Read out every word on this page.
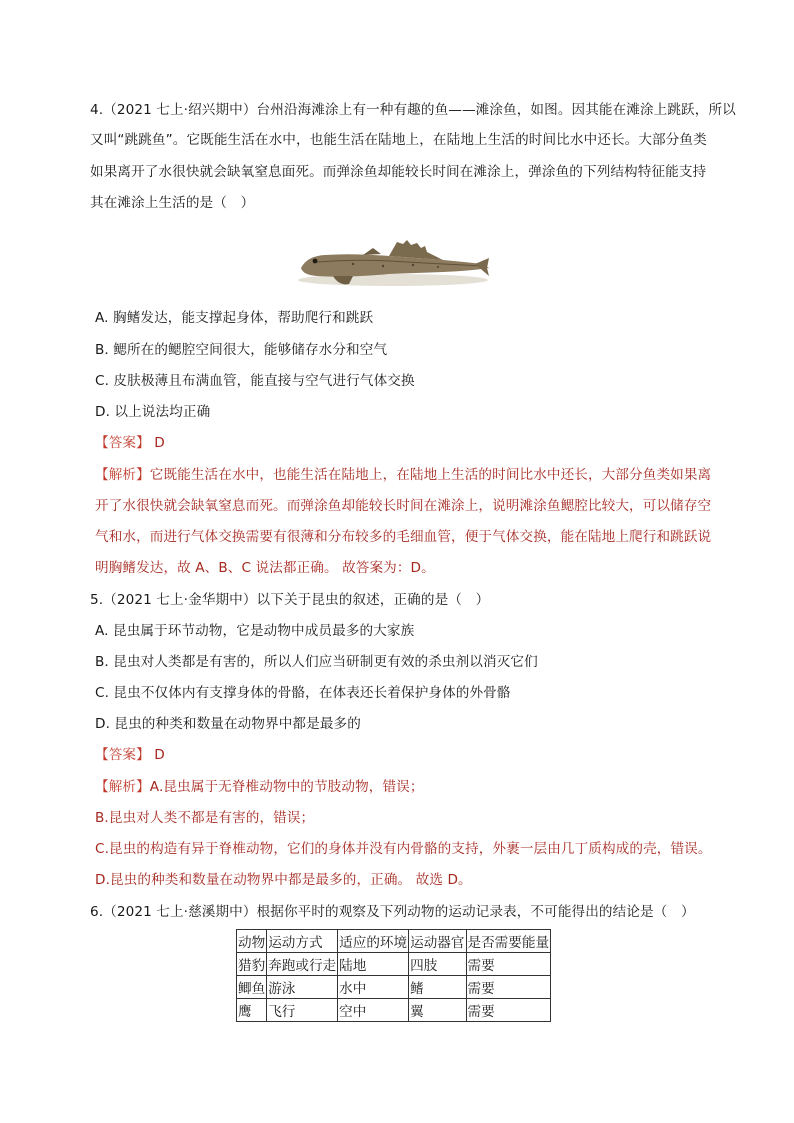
4.（2021 七上·绍兴期中）台州沿海滩涂上有一种有趣的鱼——滩涂鱼，如图。因其能在滩涂上跳跃，所以
又叫“跳跳鱼”。它既能生活在水中，也能生活在陆地上，在陆地上生活的时间比水中还长。大部分鱼类
如果离开了水很快就会缺氧窒息面死。而弹涂鱼却能较长时间在滩涂上，弹涂鱼的下列结构特征能支持
其在滩涂上生活的是（　）
A. 胸鳍发达，能支撑起身体，帮助爬行和跳跃
B. 鳃所在的鳃腔空间很大，能够储存水分和空气
C. 皮肤极薄且布满血管，能直接与空气进行气体交换
D. 以上说法均正确
【答案】 D
【解析】它既能生活在水中，也能生活在陆地上，在陆地上生活的时间比水中还长，大部分鱼类如果离
开了水很快就会缺氧窒息而死。而弹涂鱼却能较长时间在滩涂上，说明滩涂鱼鳃腔比较大，可以储存空
气和水，而进行气体交换需要有很薄和分布较多的毛细血管，便于气体交换，能在陆地上爬行和跳跃说
明胸鳍发达，故 A、B、C 说法都正确。 故答案为：D。
5.（2021 七上·金华期中）以下关于昆虫的叙述，正确的是（　）
A. 昆虫属于环节动物，它是动物中成员最多的大家族
B. 昆虫对人类都是有害的，所以人们应当研制更有效的杀虫剂以消灭它们
C. 昆虫不仅体内有支撑身体的骨骼，在体表还长着保护身体的外骨骼
D. 昆虫的种类和数量在动物界中都是最多的
【答案】 D
【解析】A.昆虫属于无脊椎动物中的节肢动物，错误；
B.昆虫对人类不都是有害的，错误；
C.昆虫的构造有异于脊椎动物，它们的身体并没有内骨骼的支持，外裹一层由几丁质构成的壳，错误。
D.昆虫的种类和数量在动物界中都是最多的，正确。 故选 D。
6.（2021 七上·慈溪期中）根据你平时的观察及下列动物的运动记录表，不可能得出的结论是（　）
动物	运动方式	适应的环境	运动器官	是否需要能量
猎豹	奔跑或行走	陆地	四肢	需要
鲫鱼	游泳	水中	鳍	需要
鹰	飞行	空中	翼	需要
